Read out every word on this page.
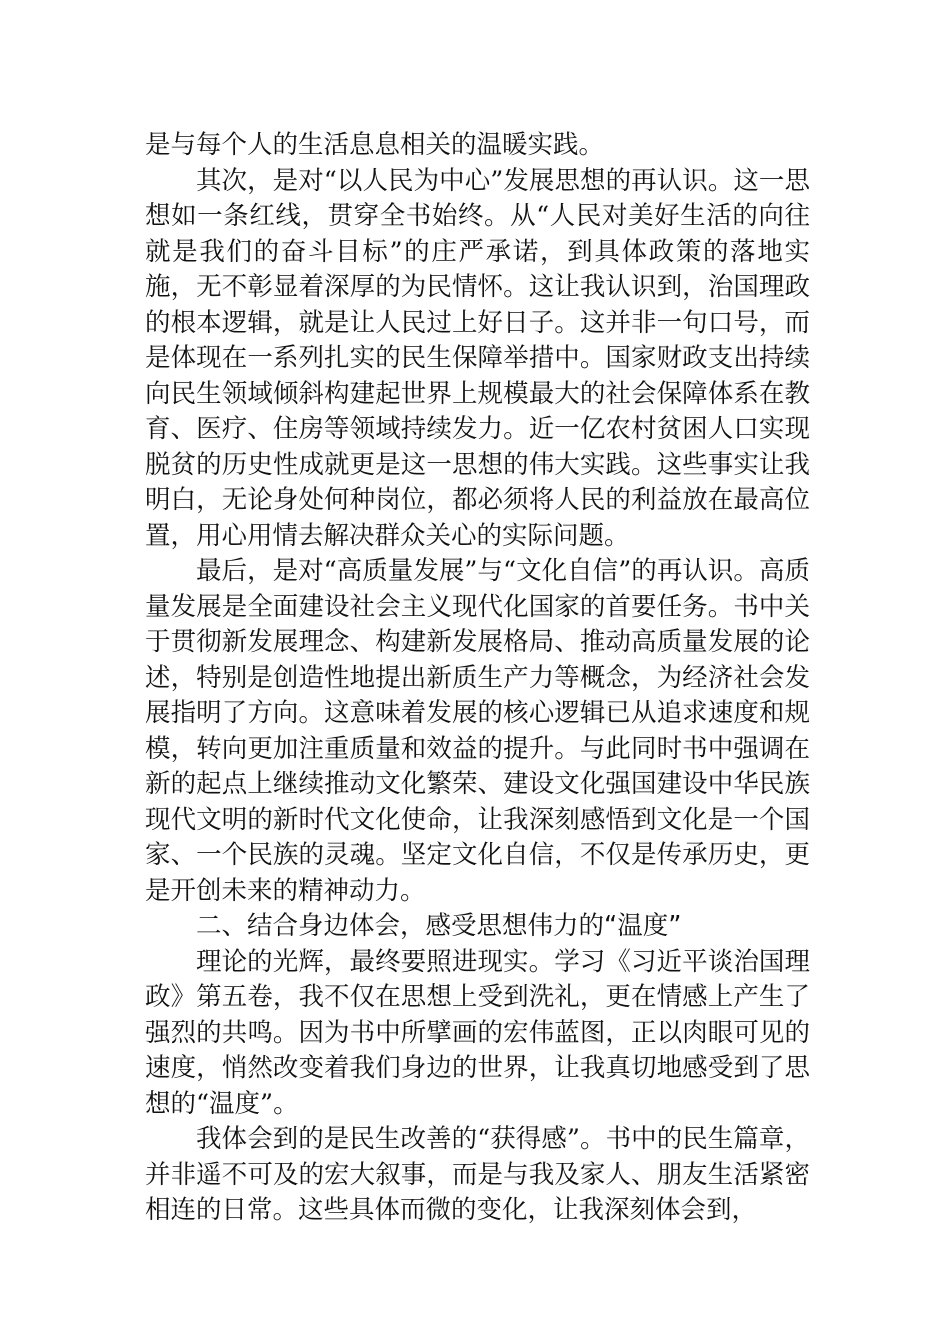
是与每个人的生活息息相关的温暖实践。

其次，是对“以人民为中心”发展思想的再认识。这一思想如一条红线，贯穿全书始终。从“人民对美好生活的向往就是我们的奋斗目标”的庄严承诺，到具体政策的落地实施，无不彰显着深厚的为民情怀。这让我认识到，治国理政的根本逻辑，就是让人民过上好日子。这并非一句口号，而是体现在一系列扎实的民生保障举措中。国家财政支出持续向民生领域倾斜构建起世界上规模最大的社会保障体系在教育、医疗、住房等领域持续发力。近一亿农村贫困人口实现脱贫的历史性成就更是这一思想的伟大实践。这些事实让我明白，无论身处何种岗位，都必须将人民的利益放在最高位置，用心用情去解决群众关心的实际问题。

最后，是对“高质量发展”与“文化自信”的再认识。高质量发展是全面建设社会主义现代化国家的首要任务。书中关于贯彻新发展理念、构建新发展格局、推动高质量发展的论述，特别是创造性地提出新质生产力等概念，为经济社会发展指明了方向。这意味着发展的核心逻辑已从追求速度和规模，转向更加注重质量和效益的提升。与此同时书中强调在新的起点上继续推动文化繁荣、建设文化强国建设中华民族现代文明的新时代文化使命，让我深刻感悟到文化是一个国家、一个民族的灵魂。坚定文化自信，不仅是传承历史，更是开创未来的精神动力。

二、结合身边体会，感受思想伟力的“温度”

理论的光辉，最终要照进现实。学习《习近平谈治国理政》第五卷，我不仅在思想上受到洗礼，更在情感上产生了强烈的共鸣。因为书中所擘画的宏伟蓝图，正以肉眼可见的速度，悄然改变着我们身边的世界，让我真切地感受到了思想的“温度”。

我体会到的是民生改善的“获得感”。书中的民生篇章，并非遥不可及的宏大叙事，而是与我及家人、朋友生活紧密相连的日常。这些具体而微的变化，让我深刻体会到，
